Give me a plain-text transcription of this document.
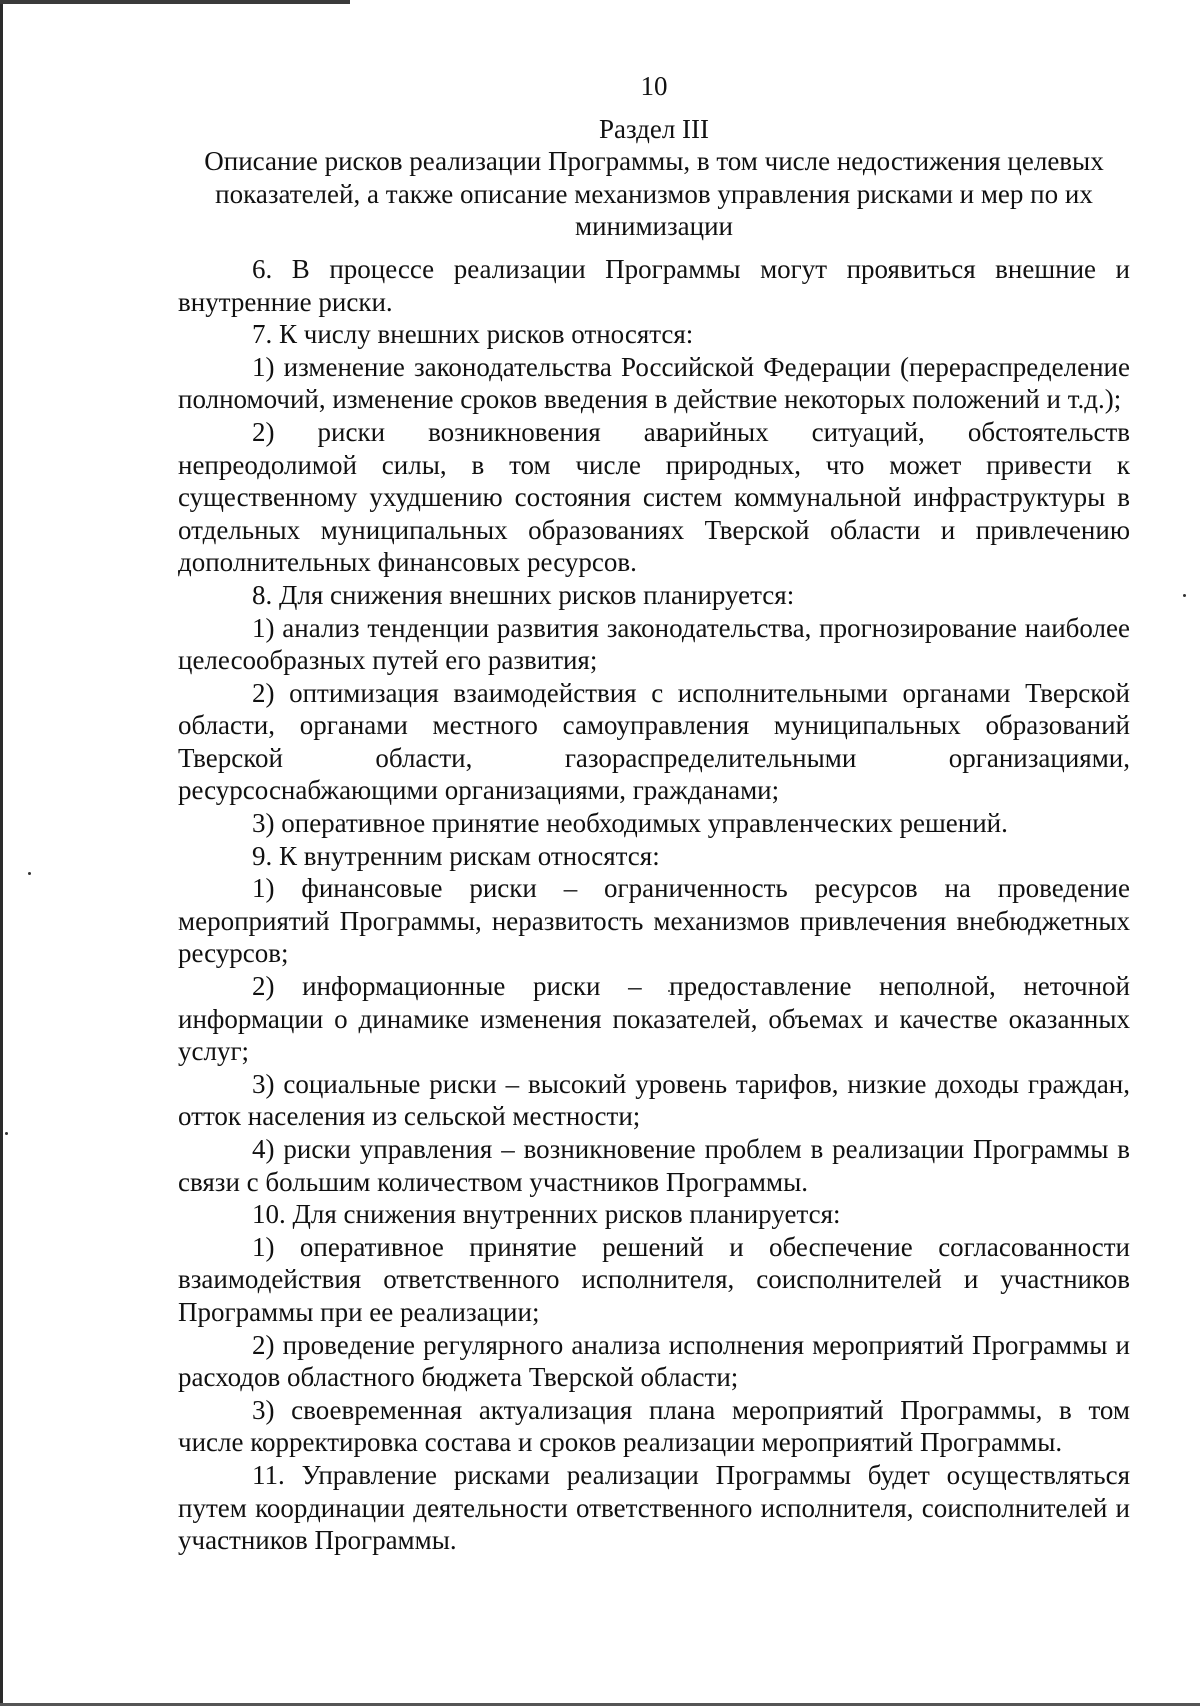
10
Раздел III
Описание рисков реализации Программы, в том числе недостижения целевых показателей, а также описание механизмов управления рисками и мер по их минимизации

6. В процессе реализации Программы могут проявиться внешние и внутренние риски.

7. К числу внешних рисков относятся:

1) изменение законодательства Российской Федерации (перераспределение полномочий, изменение сроков введения в действие некоторых положений и т.д.);

2) риски возникновения аварийных ситуаций, обстоятельств непреодолимой силы, в том числе природных, что может привести к существенному ухудшению состояния систем коммунальной инфраструктуры в отдельных муниципальных образованиях Тверской области и привлечению дополнительных финансовых ресурсов.

8. Для снижения внешних рисков планируется:

1) анализ тенденции развития законодательства, прогнозирование наиболее целесообразных путей его развития;

2) оптимизация взаимодействия с исполнительными органами Тверской области, органами местного самоуправления муниципальных образований Тверской области, газораспределительными организациями, ресурсоснабжающими организациями, гражданами;

3) оперативное принятие необходимых управленческих решений.

9. К внутренним рискам относятся:

1) финансовые риски – ограниченность ресурсов на проведение мероприятий Программы, неразвитость механизмов привлечения внебюджетных ресурсов;

2) информационные риски – предоставление неполной, неточной информации о динамике изменения показателей, объемах и качестве оказанных услуг;

3) социальные риски – высокий уровень тарифов, низкие доходы граждан, отток населения из сельской местности;

4) риски управления – возникновение проблем в реализации Программы в связи с большим количеством участников Программы.

10. Для снижения внутренних рисков планируется:

1) оперативное принятие решений и обеспечение согласованности взаимодействия ответственного исполнителя, соисполнителей и участников Программы при ее реализации;

2) проведение регулярного анализа исполнения мероприятий Программы и расходов областного бюджета Тверской области;

3) своевременная актуализация плана мероприятий Программы, в том числе корректировка состава и сроков реализации мероприятий Программы.

11. Управление рисками реализации Программы будет осуществляться путем координации деятельности ответственного исполнителя, соисполнителей и участников Программы.
